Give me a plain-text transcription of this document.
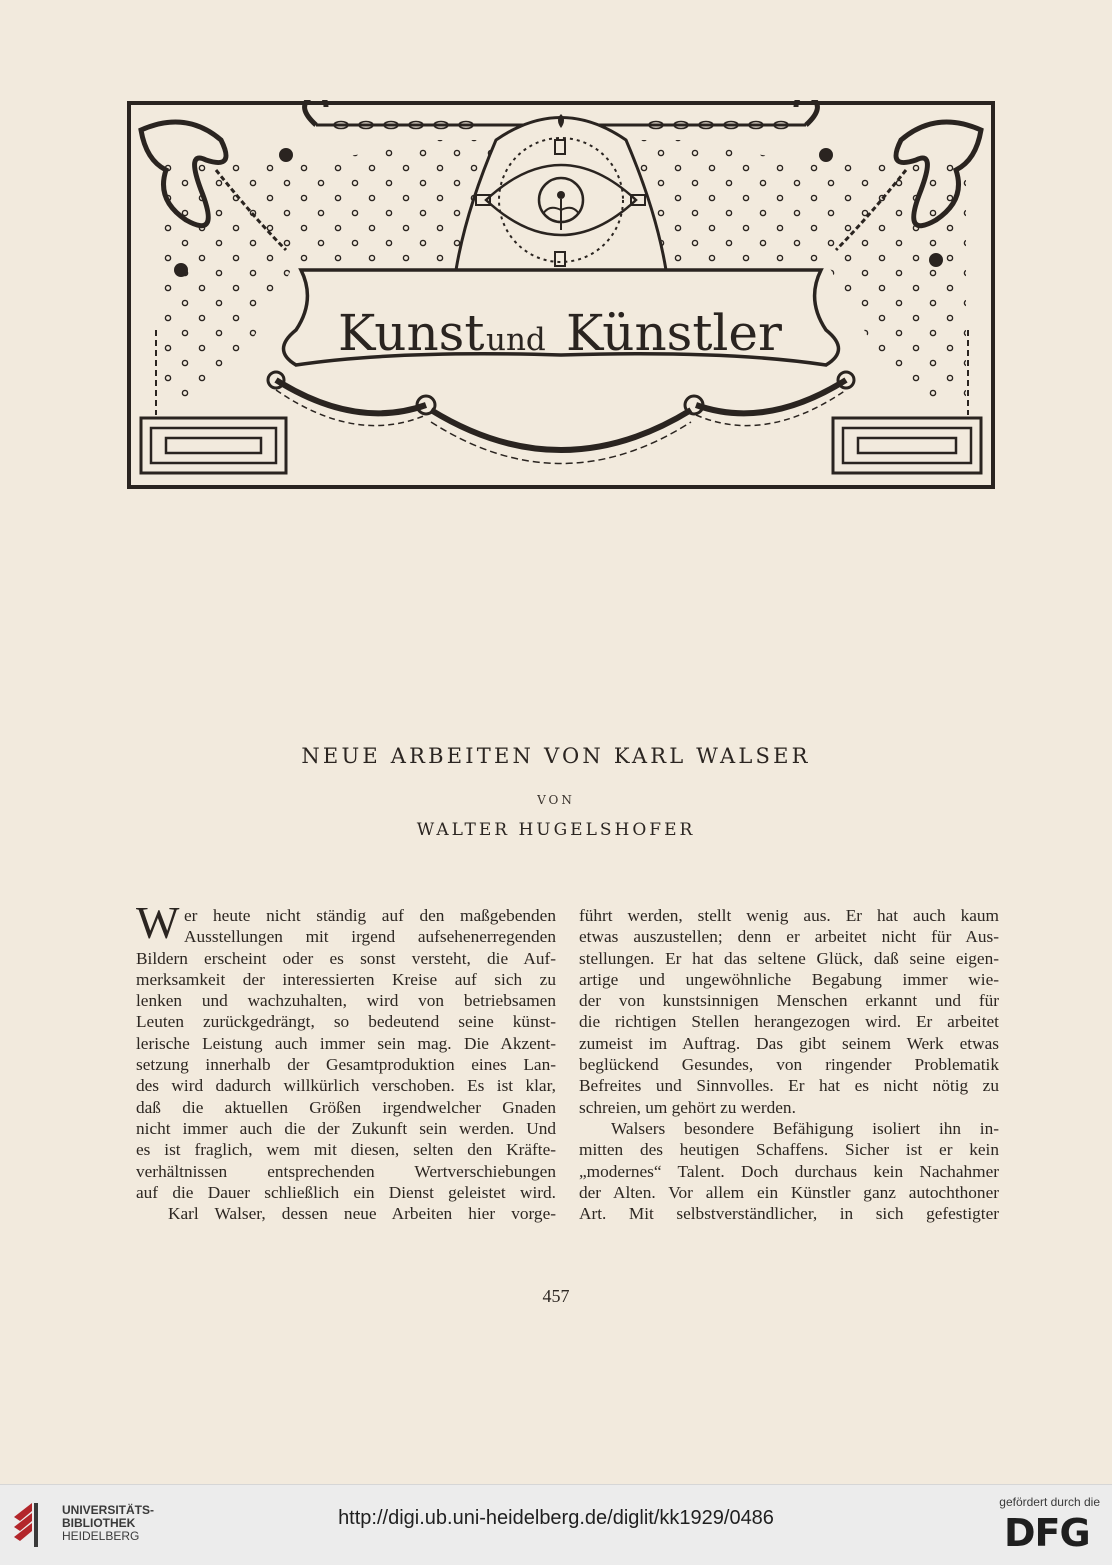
Kunst und Künstler
NEUE ARBEITEN VON KARL WALSER
VON
WALTER HUGELSHOFER
W er heute nicht ständig auf den maßgebenden
Ausstellungen mit irgend aufsehenerregenden
Bildern erscheint oder es sonst versteht, die Auf-
merksamkeit der interessierten Kreise auf sich zu
lenken und wachzuhalten, wird von betriebsamen
Leuten zurückgedrängt, so bedeutend seine künst-
lerische Leistung auch immer sein mag. Die Akzent-
setzung innerhalb der Gesamtproduktion eines Lan-
des wird dadurch willkürlich verschoben. Es ist klar,
daß die aktuellen Größen irgendwelcher Gnaden
nicht immer auch die der Zukunft sein werden. Und
es ist fraglich, wem mit diesen, selten den Kräfte-
verhältnissen entsprechenden Wertverschiebungen
auf die Dauer schließlich ein Dienst geleistet wird.
Karl Walser, dessen neue Arbeiten hier vorge-
führt werden, stellt wenig aus. Er hat auch kaum
etwas auszustellen; denn er arbeitet nicht für Aus-
stellungen. Er hat das seltene Glück, daß seine eigen-
artige und ungewöhnliche Begabung immer wie-
der von kunstsinnigen Menschen erkannt und für
die richtigen Stellen herangezogen wird. Er arbeitet
zumeist im Auftrag. Das gibt seinem Werk etwas
beglückend Gesundes, von ringender Problematik
Befreites und Sinnvolles. Er hat es nicht nötig zu
schreien, um gehört zu werden.
Walsers besondere Befähigung isoliert ihn in-
mitten des heutigen Schaffens. Sicher ist er kein
„modernes“ Talent. Doch durchaus kein Nachahmer
der Alten. Vor allem ein Künstler ganz autochthoner
Art. Mit selbstverständlicher, in sich gefestigter
457
UNIVERSITÄTS-
BIBLIOTHEK
HEIDELBERG
http://digi.ub.uni-heidelberg.de/diglit/kk1929/0486
gefördert durch die
DFG
